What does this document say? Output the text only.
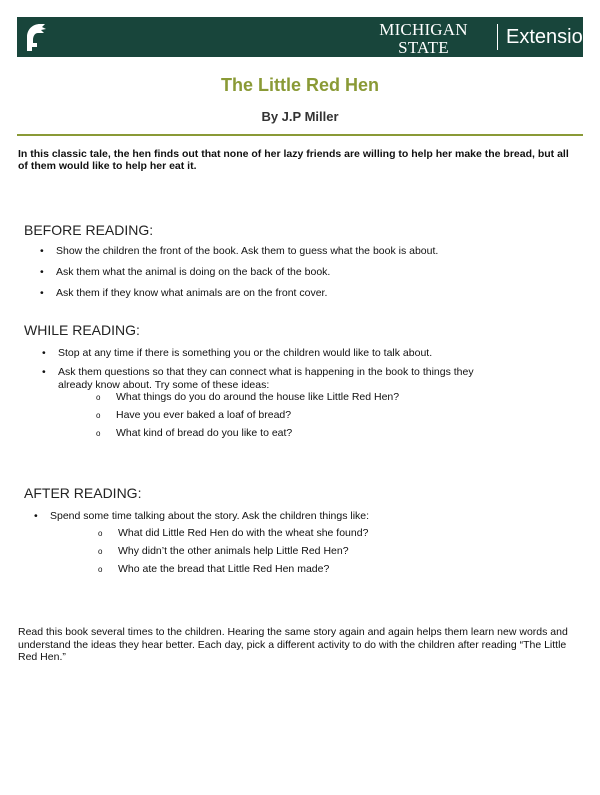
MICHIGAN STATE
UNIVERSITY
Extension
The Little Red Hen
By J.P Miller
In this classic tale, the hen finds out that none of her lazy friends are willing to help her make the bread, but all of them would like to help her eat it.
BEFORE READING:
• Show the children the front of the book. Ask them to guess what the book is about.
• Ask them what the animal is doing on the back of the book.
• Ask them if they know what animals are on the front cover.
WHILE READING:
• Stop at any time if there is something you or the children would like to talk about.
• Ask them questions so that they can connect what is happening in the book to things they already know about. Try some of these ideas:
o What things do you do around the house like Little Red Hen?
o Have you ever baked a loaf of bread?
o What kind of bread do you like to eat?
AFTER READING:
• Spend some time talking about the story. Ask the children things like:
o What did Little Red Hen do with the wheat she found?
o Why didn’t the other animals help Little Red Hen?
o Who ate the bread that Little Red Hen made?
Read this book several times to the children. Hearing the same story again and again helps them learn new words and understand the ideas they hear better. Each day, pick a different activity to do with the children after reading “The Little Red Hen.”
